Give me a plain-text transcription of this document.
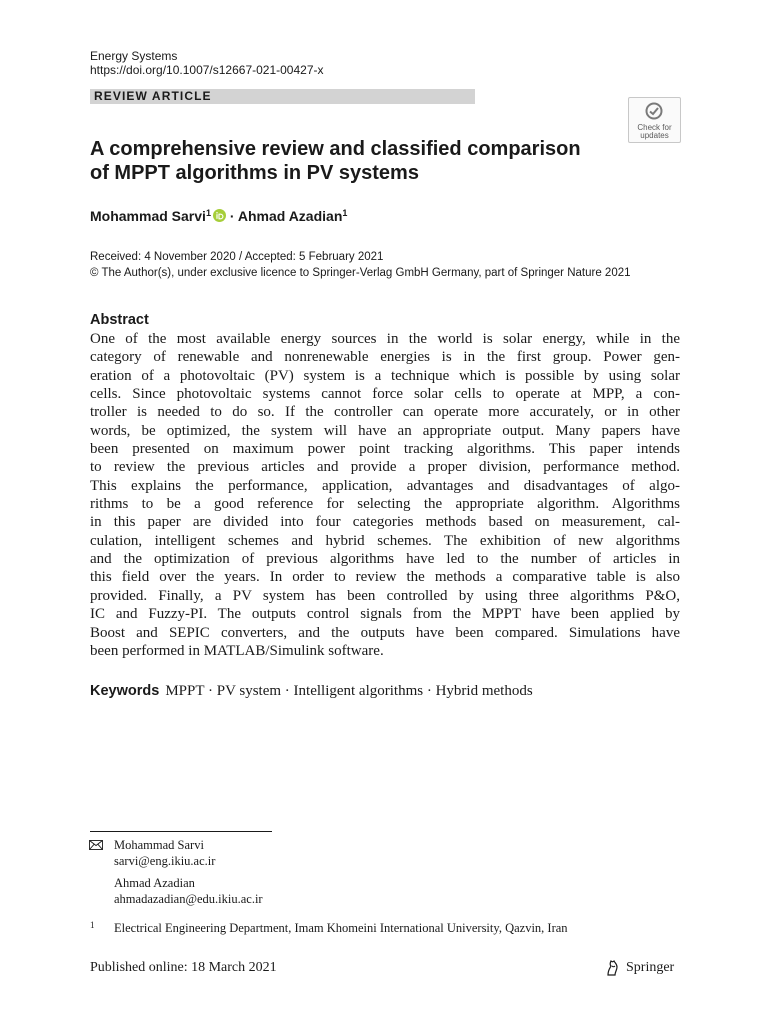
Energy Systems
https://doi.org/10.1007/s12667-021-00427-x
REVIEW ARTICLE
Check for
updates
A comprehensive review and classified comparison
of MPPT algorithms in PV systems
Mohammad Sarvi$^1$ · Ahmad Azadian$^1$
Received: 4 November 2020 / Accepted: 5 February 2021
© The Author(s), under exclusive licence to Springer-Verlag GmbH Germany, part of Springer Nature 2021
Abstract
One of the most available energy sources in the world is solar energy, while in the
category of renewable and nonrenewable energies is in the first group. Power gen-
eration of a photovoltaic (PV) system is a technique which is possible by using solar
cells. Since photovoltaic systems cannot force solar cells to operate at MPP, a con-
troller is needed to do so. If the controller can operate more accurately, or in other
words, be optimized, the system will have an appropriate output. Many papers have
been presented on maximum power point tracking algorithms. This paper intends
to review the previous articles and provide a proper division, performance method.
This explains the performance, application, advantages and disadvantages of algo-
rithms to be a good reference for selecting the appropriate algorithm. Algorithms
in this paper are divided into four categories methods based on measurement, cal-
culation, intelligent schemes and hybrid schemes. The exhibition of new algorithms
and the optimization of previous algorithms have led to the number of articles in
this field over the years. In order to review the methods a comparative table is also
provided. Finally, a PV system has been controlled by using three algorithms P&O,
IC and Fuzzy-PI. The outputs control signals from the MPPT have been applied by
Boost and SEPIC converters, and the outputs have been compared. Simulations have
been performed in MATLAB/Simulink software.
Keywords MPPT · PV system · Intelligent algorithms · Hybrid methods
Mohammad Sarvi
sarvi@eng.ikiu.ac.ir
Ahmad Azadian
ahmadazadian@edu.ikiu.ac.ir
1 Electrical Engineering Department, Imam Khomeini International University, Qazvin, Iran
Published online: 18 March 2021	Springer
